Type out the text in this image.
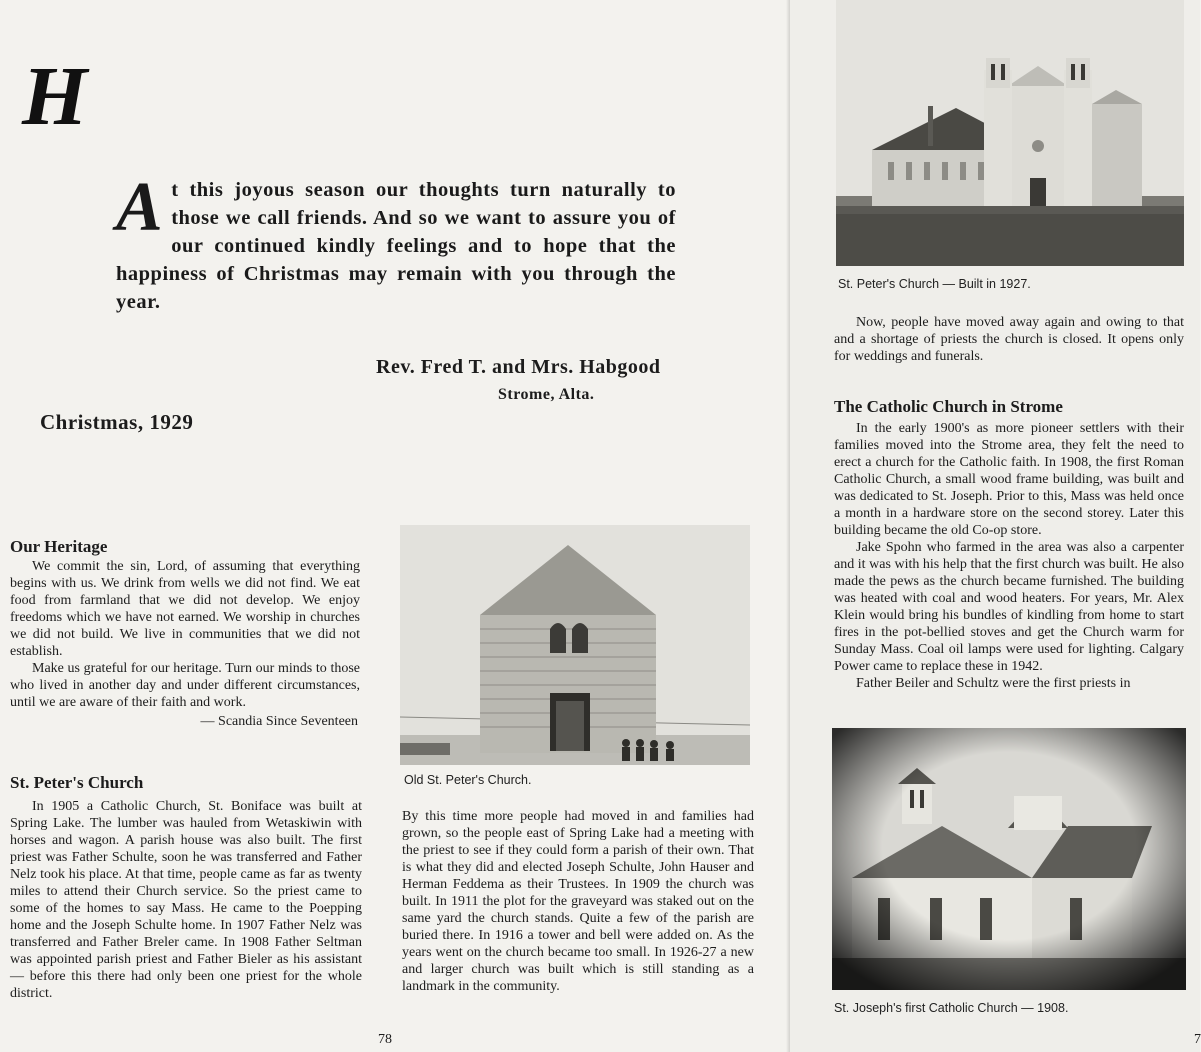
H
A t this joyous season our thoughts turn naturally to those we call friends. And so we want to assure you of our continued kindly feelings and to hope that the happiness of Christmas may remain with you through the year.

Rev. Fred T. and Mrs. Habgood
Strome, Alta.
Christmas, 1929
Our Heritage

We commit the sin, Lord, of assuming that everything begins with us. We drink from wells we did not find. We eat food from farmland that we did not develop. We enjoy freedoms which we have not earned. We worship in churches we did not build. We live in communities that we did not establish.

Make us grateful for our heritage. Turn our minds to those who lived in another day and under different circumstances, until we are aware of their faith and work.

— Scandia Since Seventeen

St. Peter's Church

In 1905 a Catholic Church, St. Boniface was built at Spring Lake. The lumber was hauled from Wetaskiwin with horses and wagon. A parish house was also built. The first priest was Father Schulte, soon he was transferred and Father Nelz took his place. At that time, people came as far as twenty miles to attend their Church service. So the priest came to some of the homes to say Mass. He came to the Poepping home and the Joseph Schulte home. In 1907 Father Nelz was transferred and Father Breler came. In 1908 Father Seltman was appointed parish priest and Father Bieler as his assistant — before this there had only been one priest for the whole district.

Old St. Peter's Church.

By this time more people had moved in and families had grown, so the people east of Spring Lake had a meeting with the priest to see if they could form a parish of their own. That is what they did and elected Joseph Schulte, John Hauser and Herman Feddema as their Trustees. In 1909 the church was built. In 1911 the plot for the graveyard was staked out on the same yard the church stands. Quite a few of the parish are buried there. In 1916 a tower and bell were added on. As the years went on the church became too small. In 1926-27 a new and larger church was built which is still standing as a landmark in the community.

78
St. Peter's Church — Built in 1927.

Now, people have moved away again and owing to that and a shortage of priests the church is closed. It opens only for weddings and funerals.

The Catholic Church in Strome

In the early 1900's as more pioneer settlers with their families moved into the Strome area, they felt the need to erect a church for the Catholic faith. In 1908, the first Roman Catholic Church, a small wood frame building, was built and was dedicated to St. Joseph. Prior to this, Mass was held once a month in a hardware store on the second storey. Later this building became the old Co-op store.

Jake Spohn who farmed in the area was also a carpenter and it was with his help that the first church was built. He also made the pews as the church became furnished. The building was heated with coal and wood heaters. For years, Mr. Alex Klein would bring his bundles of kindling from home to start fires in the pot-bellied stoves and get the Church warm for Sunday Mass. Coal oil lamps were used for lighting. Calgary Power came to replace these in 1942.

Father Beiler and Schultz were the first priests in

St. Joseph's first Catholic Church — 1908.
7
